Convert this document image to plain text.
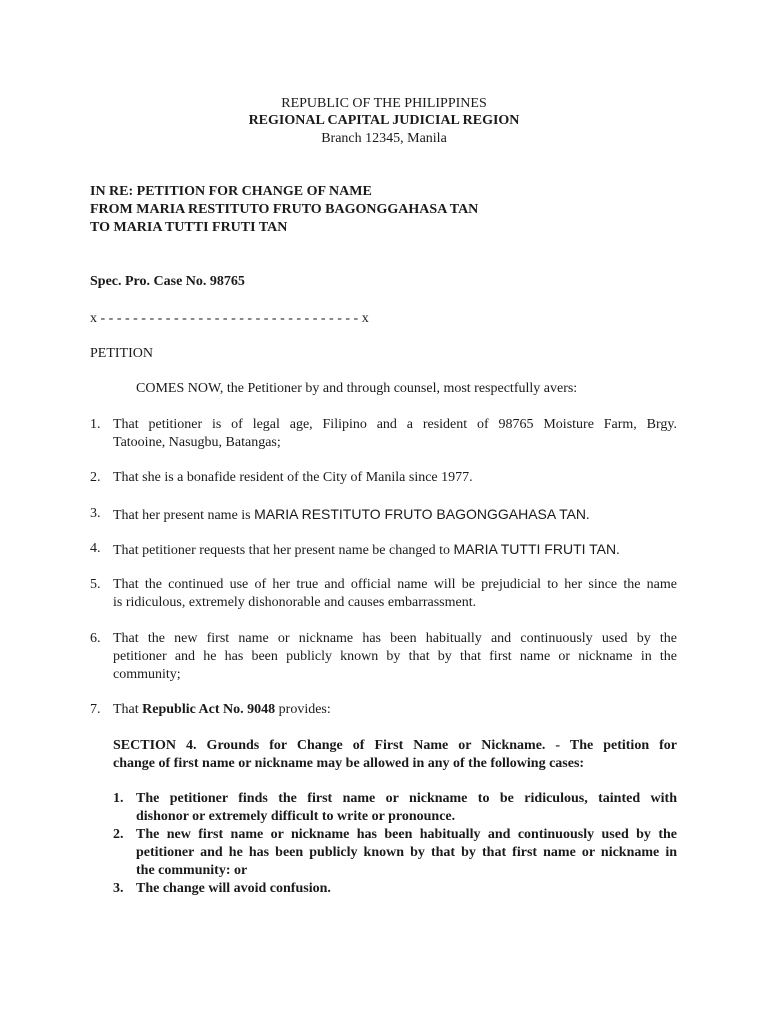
REPUBLIC OF THE PHILIPPINES
REGIONAL CAPITAL JUDICIAL REGION
Branch 12345, Manila
IN RE: PETITION FOR CHANGE OF NAME
FROM MARIA RESTITUTO FRUTO BAGONGGAHASA TAN
TO MARIA TUTTI FRUTI TAN
Spec. Pro. Case No. 98765
x - - - - - - - - - - - - - - - - - - - - - - - - - - - - - - - - x
PETITION
COMES NOW, the Petitioner by and through counsel, most respectfully avers:
1. That petitioner is of legal age, Filipino and a resident of 98765 Moisture Farm, Brgy.
Tatooine, Nasugbu, Batangas;
2. That she is a bonafide resident of the City of Manila since 1977.
3. That her present name is MARIA RESTITUTO FRUTO BAGONGGAHASA TAN.
4. That petitioner requests that her present name be changed to MARIA TUTTI FRUTI TAN.
5. That the continued use of her true and official name will be prejudicial to her since the name
is ridiculous, extremely dishonorable and causes embarrassment.
6. That the new first name or nickname has been habitually and continuously used by the
petitioner and he has been publicly known by that by that first name or nickname in the
community;
7. That Republic Act No. 9048 provides:
SECTION 4. Grounds for Change of First Name or Nickname. - The petition for
change of first name or nickname may be allowed in any of the following cases:
1. The petitioner finds the first name or nickname to be ridiculous, tainted with
dishonor or extremely difficult to write or pronounce.
2. The new first name or nickname has been habitually and continuously used by the
petitioner and he has been publicly known by that by that first name or nickname in
the community: or
3. The change will avoid confusion.
